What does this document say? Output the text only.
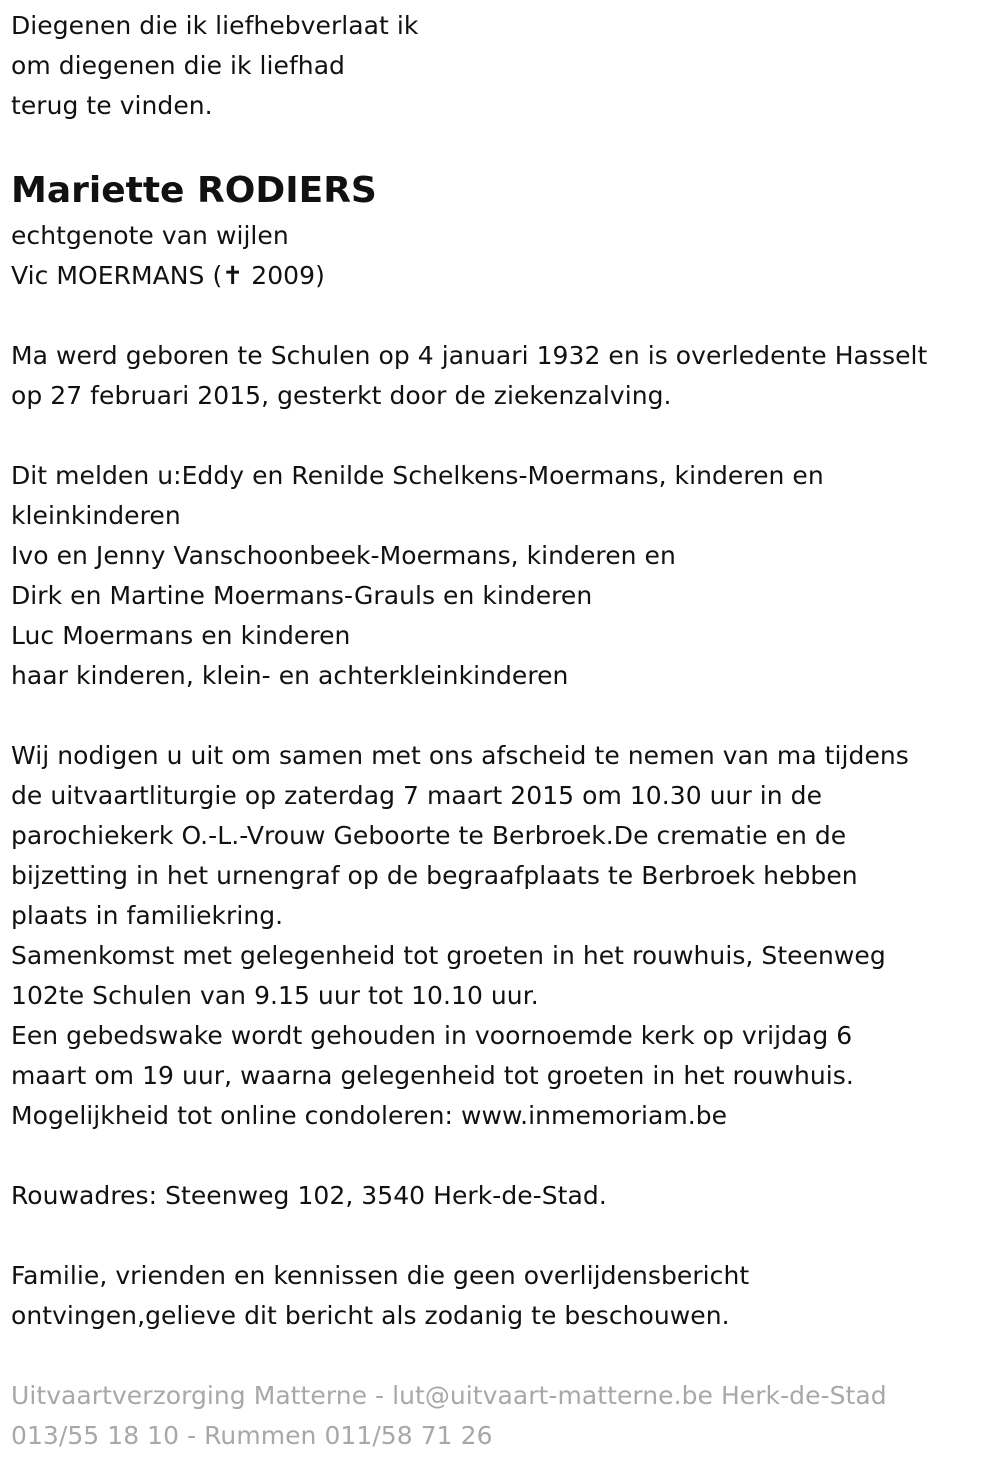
Diegenen die ik liefhebverlaat ik
om diegenen die ik liefhad
terug te vinden.
Mariette RODIERS
echtgenote van wijlen
Vic MOERMANS (✝ 2009)
Ma werd geboren te Schulen op 4 januari 1932 en is overledente Hasselt
op 27 februari 2015, gesterkt door de ziekenzalving.
Dit melden u:Eddy en Renilde Schelkens-Moermans, kinderen en
kleinkinderen
Ivo en Jenny Vanschoonbeek-Moermans, kinderen en
Dirk en Martine Moermans-Grauls en kinderen
Luc Moermans en kinderen
haar kinderen, klein- en achterkleinkinderen
Wij nodigen u uit om samen met ons afscheid te nemen van ma tijdens
de uitvaartliturgie op zaterdag 7 maart 2015 om 10.30 uur in de
parochiekerk O.-L.-Vrouw Geboorte te Berbroek.De crematie en de
bijzetting in het urnengraf op de begraafplaats te Berbroek hebben
plaats in familiekring.
Samenkomst met gelegenheid tot groeten in het rouwhuis, Steenweg
102te Schulen van 9.15 uur tot 10.10 uur.
Een gebedswake wordt gehouden in voornoemde kerk op vrijdag 6
maart om 19 uur, waarna gelegenheid tot groeten in het rouwhuis.
Mogelijkheid tot online condoleren: www.inmemoriam.be
Rouwadres: Steenweg 102, 3540 Herk-de-Stad.
Familie, vrienden en kennissen die geen overlijdensbericht
ontvingen,gelieve dit bericht als zodanig te beschouwen.
Uitvaartverzorging Matterne - lut@uitvaart-matterne.be Herk-de-Stad
013/55 18 10 - Rummen 011/58 71 26
